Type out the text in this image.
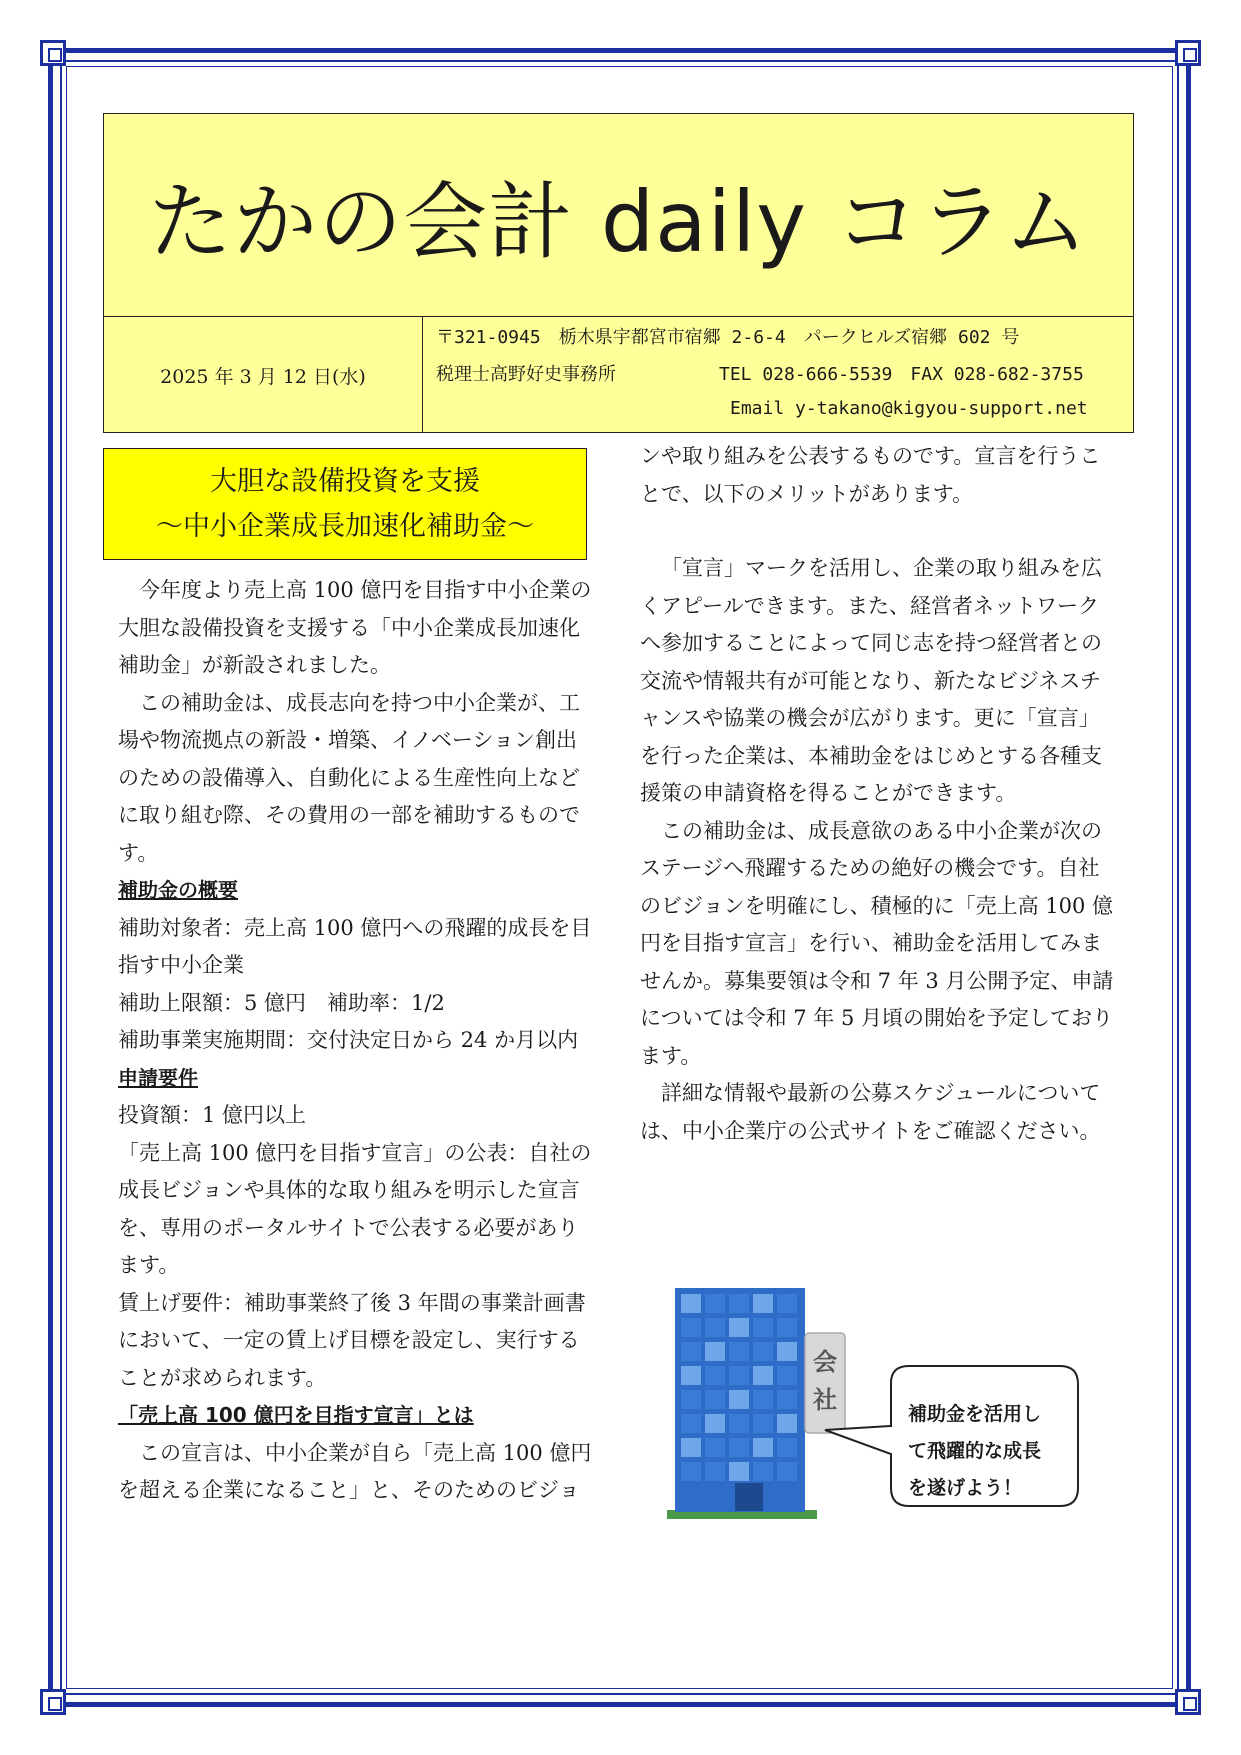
たかの会計 daily コラム
2025 年 3 月 12 日(水)
〒321-0945　栃木県宇都宮市宿郷 2-6-4　パークヒルズ宿郷 602 号
税理士高野好史事務所	TEL 028-666-5539　FAX 028-682-3755
Email y-takano@kigyou-support.net
大胆な設備投資を支援
～中小企業成長加速化補助金～

今年度より売上高 100 億円を目指す中小企業の大胆な設備投資を支援する「中小企業成長加速化補助金」が新設されました。

この補助金は、成長志向を持つ中小企業が、工場や物流拠点の新設・増築、イノベーション創出のための設備導入、自動化による生産性向上などに取り組む際、その費用の一部を補助するものです。

補助金の概要
補助対象者：売上高 100 億円への飛躍的成長を目指す中小企業
補助上限額：5 億円　補助率：1/2
補助事業実施期間：交付決定日から 24 か月以内
申請要件
投資額：1 億円以上
「売上高 100 億円を目指す宣言」の公表：自社の成長ビジョンや具体的な取り組みを明示した宣言を、専用のポータルサイトで公表する必要があります。
賃上げ要件：補助事業終了後 3 年間の事業計画書において、一定の賃上げ目標を設定し、実行することが求められます。
「売上高 100 億円を目指す宣言」とは

この宣言は、中小企業が自ら「売上高 100 億円を超える企業になること」と、そのためのビジョ

ンや取り組みを公表するものです。宣言を行うことで、以下のメリットがあります。

「宣言」マークを活用し、企業の取り組みを広くアピールできます。また、経営者ネットワークへ参加することによって同じ志を持つ経営者との交流や情報共有が可能となり、新たなビジネスチャンスや協業の機会が広がります。更に「宣言」を行った企業は、本補助金をはじめとする各種支援策の申請資格を得ることができます。

この補助金は、成長意欲のある中小企業が次のステージへ飛躍するための絶好の機会です。自社のビジョンを明確にし、積極的に「売上高 100 億円を目指す宣言」を行い、補助金を活用してみませんか。募集要領は令和 7 年 3 月公開予定、申請については令和 7 年 5 月頃の開始を予定しております。

詳細な情報や最新の公募スケジュールについては、中小企業庁の公式サイトをご確認ください。

会
社	補助金を活用し
て飛躍的な成長
を遂げよう！
